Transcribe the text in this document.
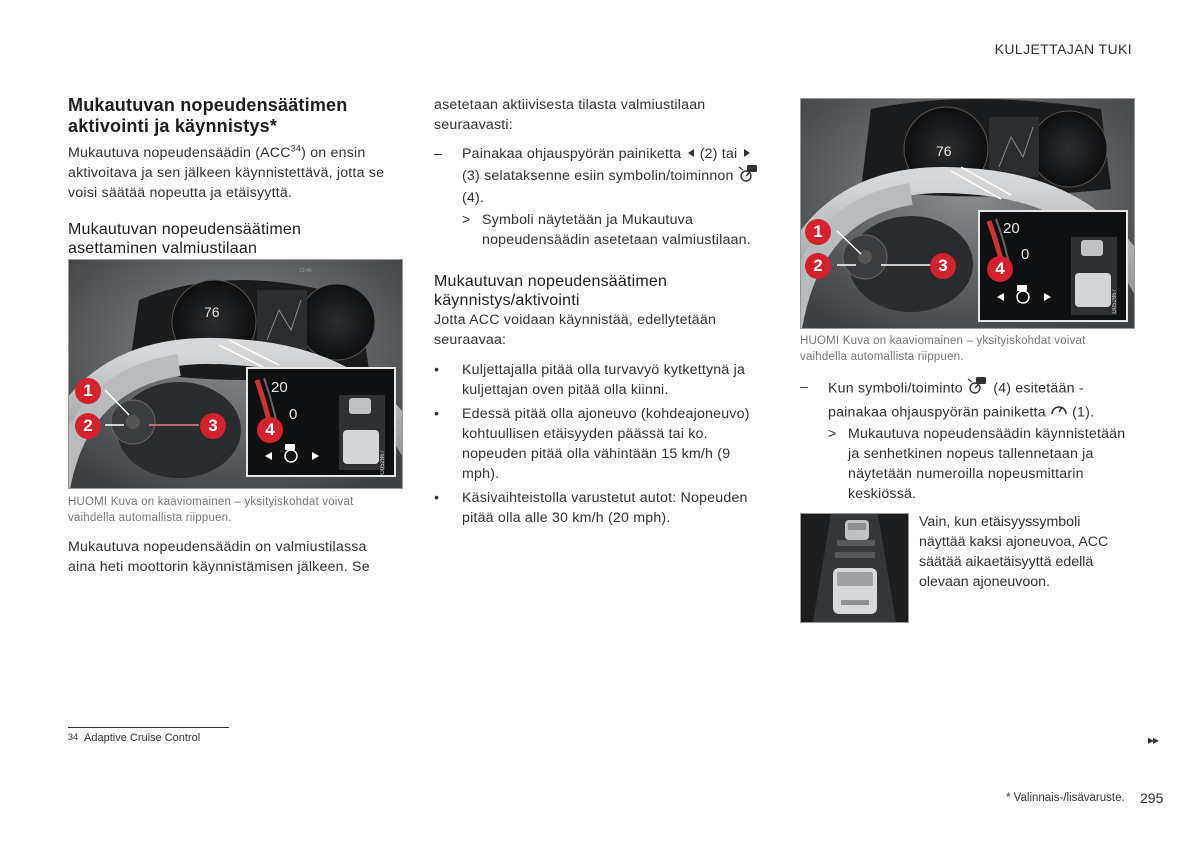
KULJETTAJAN TUKI
Mukautuvan nopeudensäätimen aktivointi ja käynnistys*

Mukautuva nopeudensäädin (ACC$^{34}$) on ensin aktivoitava ja sen jälkeen käynnistettävä, jotta se voisi säätää nopeutta ja etäisyyttä.

Mukautuvan nopeudensäätimen asettaminen valmiustilaan
76
12:46
20
0
1
2	3	4
G052867
HUOMI Kuva on kaaviomainen – yksityiskohdat voivat vaihdella automallista riippuen.

Mukautuva nopeudensäädin on valmiustilassa aina heti moottorin käynnistämisen jälkeen. Se

asetetaan aktiivisesta tilasta valmiustilaan seuraavasti:

–	Painakaa ohjauspyörän painiketta (2) tai  (3) selataksenne esiin symbolin/toiminnon  (4).
> Symboli näytetään ja Mukautuva nopeudensäädin asetetaan valmiustilaan.
Mukautuvan nopeudensäätimen käynnistys/aktivointi

Jotta ACC voidaan käynnistää, edellytetään seuraavaa:

•	Kuljettajalla pitää olla turvavyö kytkettynä ja kuljettajan oven pitää olla kiinni.
•	Edessä pitää olla ajoneuvo (kohdeajoneuvo) kohtuullisen etäisyyden päässä tai ko. nopeuden pitää olla vähintään 15 km/h (9 mph).
•	Käsivaihteistolla varustetut autot: Nopeuden pitää olla alle 30 km/h (20 mph).
76
20
0
1
2	3	4
G052867
HUOMI Kuva on kaaviomainen – yksityiskohdat voivat vaihdella automallista riippuen.
–	Kun symboli/toiminto (4) esitetään - painakaa ohjauspyörän painiketta (1).
> Mukautuva nopeudensäädin käynnistetään ja senhetkinen nopeus tallennetaan ja näytetään numeroilla nopeusmittarin keskiössä.

Vain, kun etäisyyssymboli näyttää kaksi ajoneuvoa, ACC säätää aikaetäisyyttä edellä olevaan ajoneuvoon.

34 Adaptive Cruise Control	▸▸
* Valinnais-/lisävaruste. 295
